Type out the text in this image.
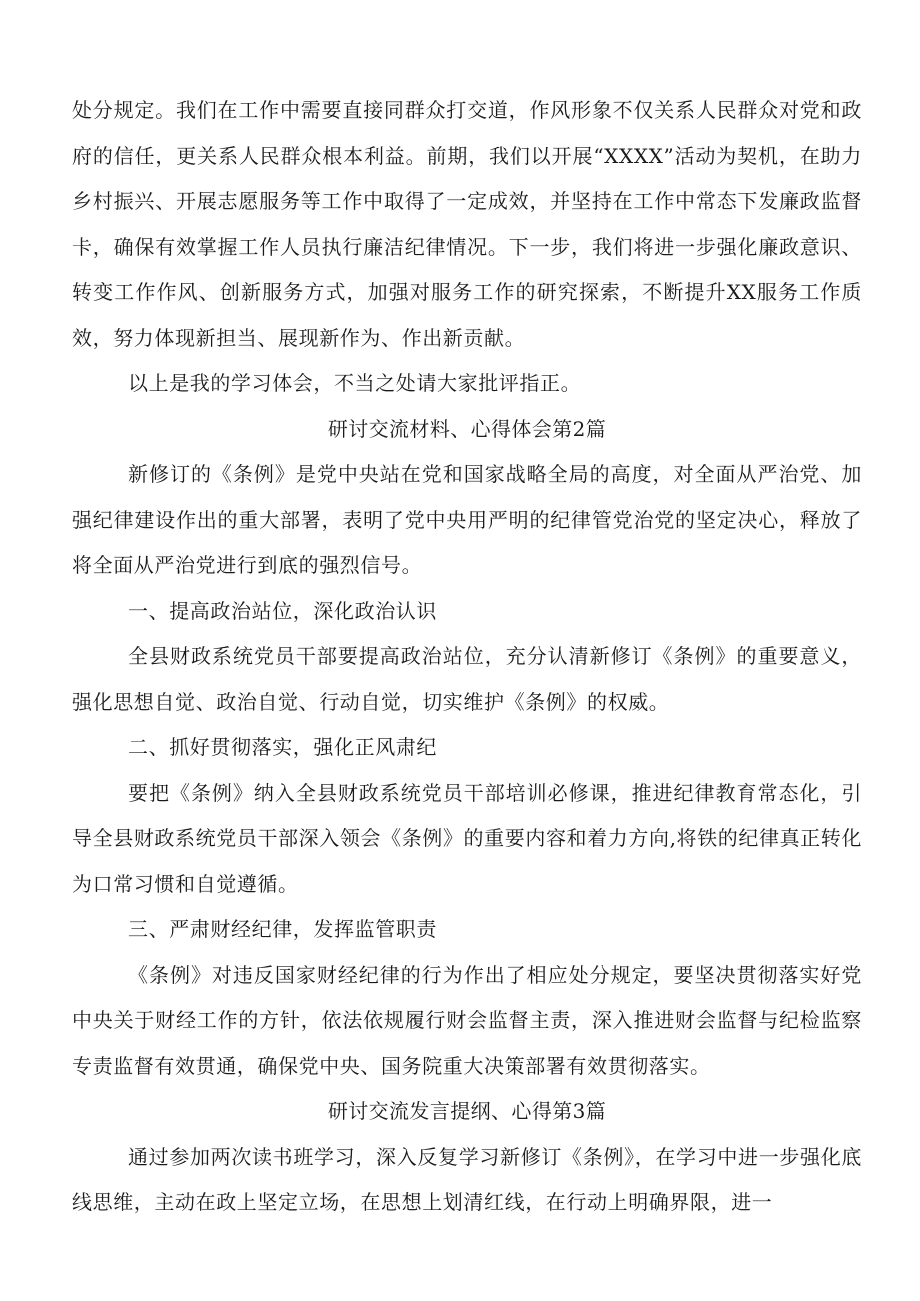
处分规定。我们在工作中需要直接同群众打交道，作风形象不仅关系人民群众对党和政府的信任，更关系人民群众根本利益。前期，我们以开展“XXXX”活动为契机，在助力乡村振兴、开展志愿服务等工作中取得了一定成效，并坚持在工作中常态下发廉政监督卡，确保有效掌握工作人员执行廉洁纪律情况。下一步，我们将进一步强化廉政意识、转变工作作风、创新服务方式，加强对服务工作的研究探索，不断提升XX服务工作质效，努力体现新担当、展现新作为、作出新贡献。

以上是我的学习体会，不当之处请大家批评指正。

研讨交流材料、心得体会第2篇

新修订的《条例》是党中央站在党和国家战略全局的高度，对全面从严治党、加强纪律建设作出的重大部署，表明了党中央用严明的纪律管党治党的坚定决心，释放了将全面从严治党进行到底的强烈信号。

一、提高政治站位，深化政治认识

全县财政系统党员干部要提高政治站位，充分认清新修订《条例》的重要意义，强化思想自觉、政治自觉、行动自觉，切实维护《条例》的权威。

二、抓好贯彻落实，强化正风肃纪

要把《条例》纳入全县财政系统党员干部培训必修课，推进纪律教育常态化，引导全县财政系统党员干部深入领会《条例》的重要内容和着力方向,将铁的纪律真正转化为口常习惯和自觉遵循。

三、严肃财经纪律，发挥监管职责

《条例》对违反国家财经纪律的行为作出了相应处分规定，要坚决贯彻落实好党中央关于财经工作的方针，依法依规履行财会监督主责，深入推进财会监督与纪检监察专责监督有效贯通，确保党中央、国务院重大决策部署有效贯彻落实。

研讨交流发言提纲、心得第3篇

通过参加两次读书班学习，深入反复学习新修订《条例》，在学习中进一步强化底线思维，主动在政上坚定立场，在思想上划清红线，在行动上明确界限，进一
